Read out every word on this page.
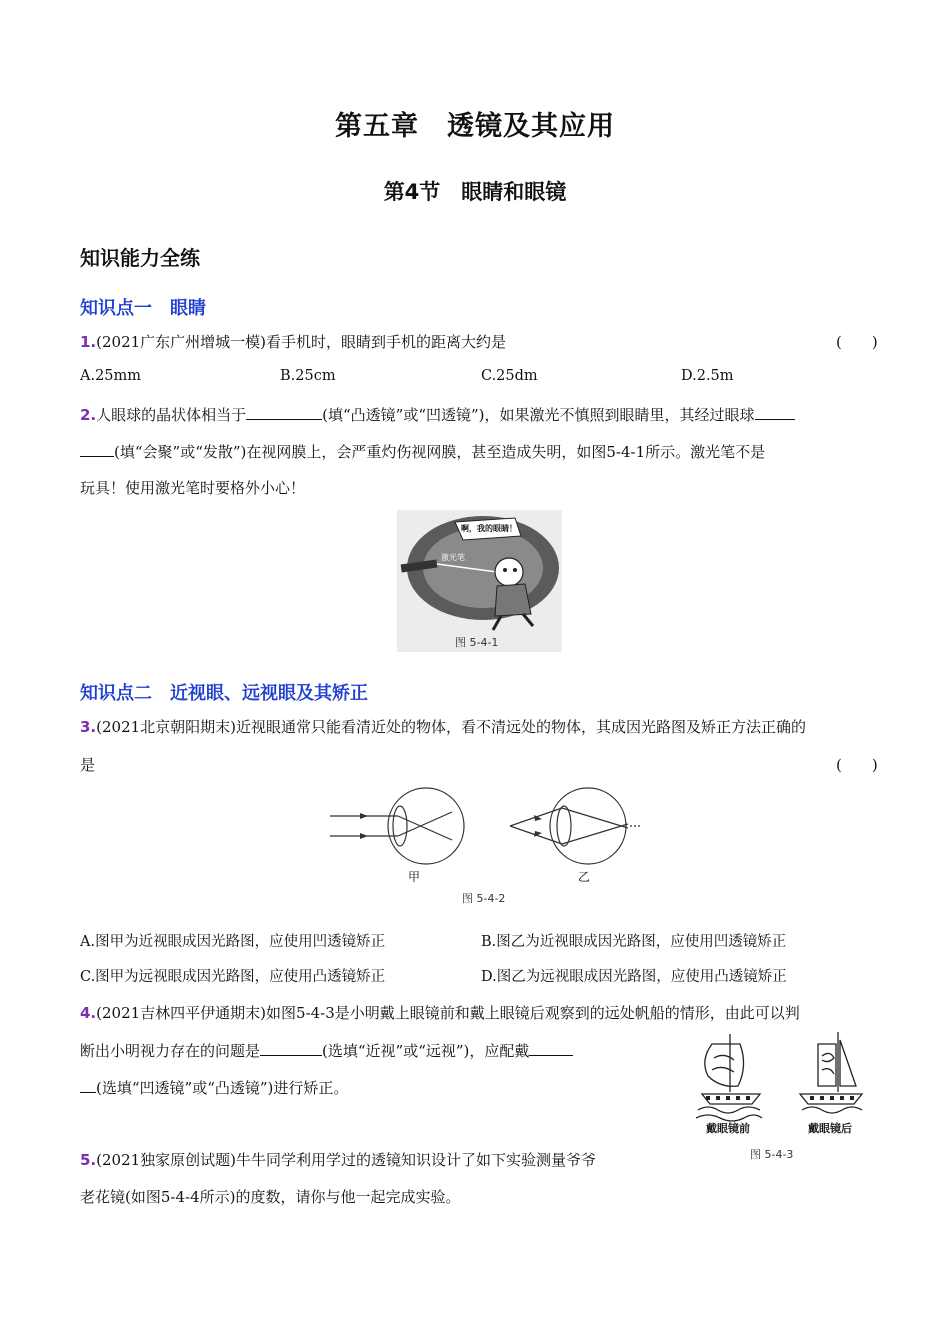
第五章　透镜及其应用
第4节　眼睛和眼镜
知识能力全练
知识点一　眼睛
1.(2021广东广州增城一模)看手机时，眼睛到手机的距离大约是	(　　)
A.25mm	B.25cm	C.25dm	D.2.5m
2.人眼球的晶状体相当于	(填“凸透镜”或“凹透镜”)，如果激光不慎照到眼睛里，其经过眼球
(填“会聚”或“发散”)在视网膜上，会严重灼伤视网膜，甚至造成失明，如图5-4-1所示。激光笔不是
玩具！使用激光笔时要格外小心！
啊，我的眼睛！
激光笔
图 5-4-1
知识点二　近视眼、远视眼及其矫正
3.(2021北京朝阳期末)近视眼通常只能看清近处的物体，看不清远处的物体，其成因光路图及矫正方法正确的
是	(　　)
甲	乙
图 5-4-2
A.图甲为近视眼成因光路图，应使用凹透镜矫正	B.图乙为近视眼成因光路图，应使用凹透镜矫正
C.图甲为远视眼成因光路图，应使用凸透镜矫正	D.图乙为远视眼成因光路图，应使用凸透镜矫正
4.(2021吉林四平伊通期末)如图5-4-3是小明戴上眼镜前和戴上眼镜后观察到的远处帆船的情形，由此可以判
断出小明视力存在的问题是	(选填“近视”或“远视”)，应配戴
(选填“凹透镜”或“凸透镜”)进行矫正。
戴眼镜前	戴眼镜后
图 5-4-3
5.(2021独家原创试题)牛牛同学利用学过的透镜知识设计了如下实验测量爷爷
老花镜(如图5-4-4所示)的度数，请你与他一起完成实验。
